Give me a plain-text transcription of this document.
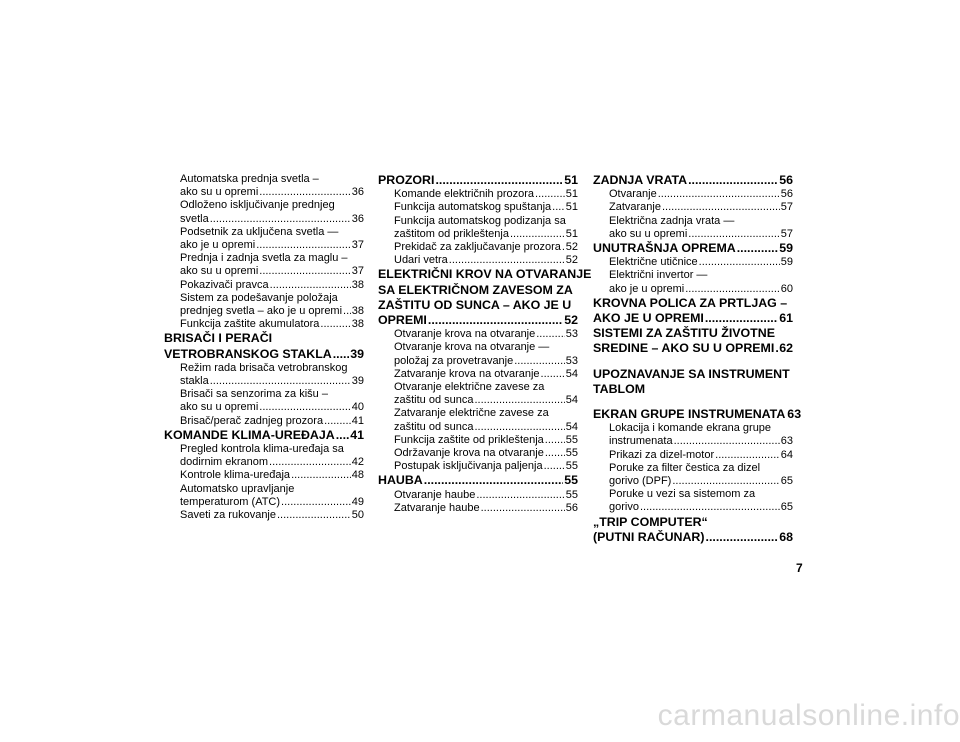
Automatska prednja svetla –
ako su u opremi .....	36
Odloženo isključivanje prednjeg
svetla .....	36
Podsetnik za uključena svetla —
ako je u opremi .....	37
Prednja i zadnja svetla za maglu –
ako su u opremi .....	37
Pokazivači pravca .....	38
Sistem za podešavanje položaja
prednjeg svetla – ako je u opremi ..... 38
Funkcija zaštite akumulatora .....	38
BRISAČI I PERAČI
VETROBRANSKOG STAKLA ..... 39
Režim rada brisača vetrobranskog
stakla .....	39
Brisači sa senzorima za kišu –
ako su u opremi .....	40
Brisač/perač zadnjeg prozora .....	41
KOMANDE KLIMA-UREĐAJA ..... 41
Pregled kontrola klima-uređaja sa
dodirnim ekranom .....	42
Kontrole klima-uređaja .....	48
Automatsko upravljanje
temperaturom (ATC) .....	49
Saveti za rukovanje .....	50
PROZORI .....	51
Komande električnih prozora .....	51
Funkcija automatskog spuštanja ..... 51
Funkcija automatskog podizanja sa
zaštitom od prikleštenja .....	51
Prekidač za zaključavanje prozora ..... 52
Udari vetra .....	52
ELEKTRIČNI KROV NA OTVARANJE
SA ELEKTRIČNOM ZAVESOM ZA
ZAŠTITU OD SUNCA – AKO JE U
OPREMI .....	52
Otvaranje krova na otvaranje .....	53
Otvaranje krova na otvaranje —
položaj za provetravanje .....	53
Zatvaranje krova na otvaranje ..... 54
Otvaranje električne zavese za
zaštitu od sunca .....	54
Zatvaranje električne zavese za
zaštitu od sunca .....	54
Funkcija zaštite od prikleštenja ..... 55
Održavanje krova na otvaranje ..... 55
Postupak isključivanja paljenja ..... 55
HAUBA .....	55
Otvaranje haube .....	55
Zatvaranje haube .....	56
ZADNJA VRATA .....	56
Otvaranje .....	56
Zatvaranje .....	57
Električna zadnja vrata —
ako su u opremi .....	57
UNUTRAŠNJA OPREMA .....	59
Električne utičnice .....	59
Električni invertor —
ako je u opremi .....	60
KROVNA POLICA ZA PRTLJAG –
AKO JE U OPREMI .....	61
SISTEMI ZA ZAŠTITU ŽIVOTNE
SREDINE – AKO SU U OPREMI ..... 62
UPOZNAVANJE SA INSTRUMENT
TABLOM
EKRAN GRUPE INSTRUMENATA 63
Lokacija i komande ekrana grupe
instrumenata .....	63
Prikazi za dizel-motor .....	64
Poruke za filter čestica za dizel
gorivo (DPF) .....	65
Poruke u vezi sa sistemom za
gorivo .....	65
„TRIP COMPUTER“
(PUTNI RAČUNAR) .....	68
7
carmanualsonline.info
